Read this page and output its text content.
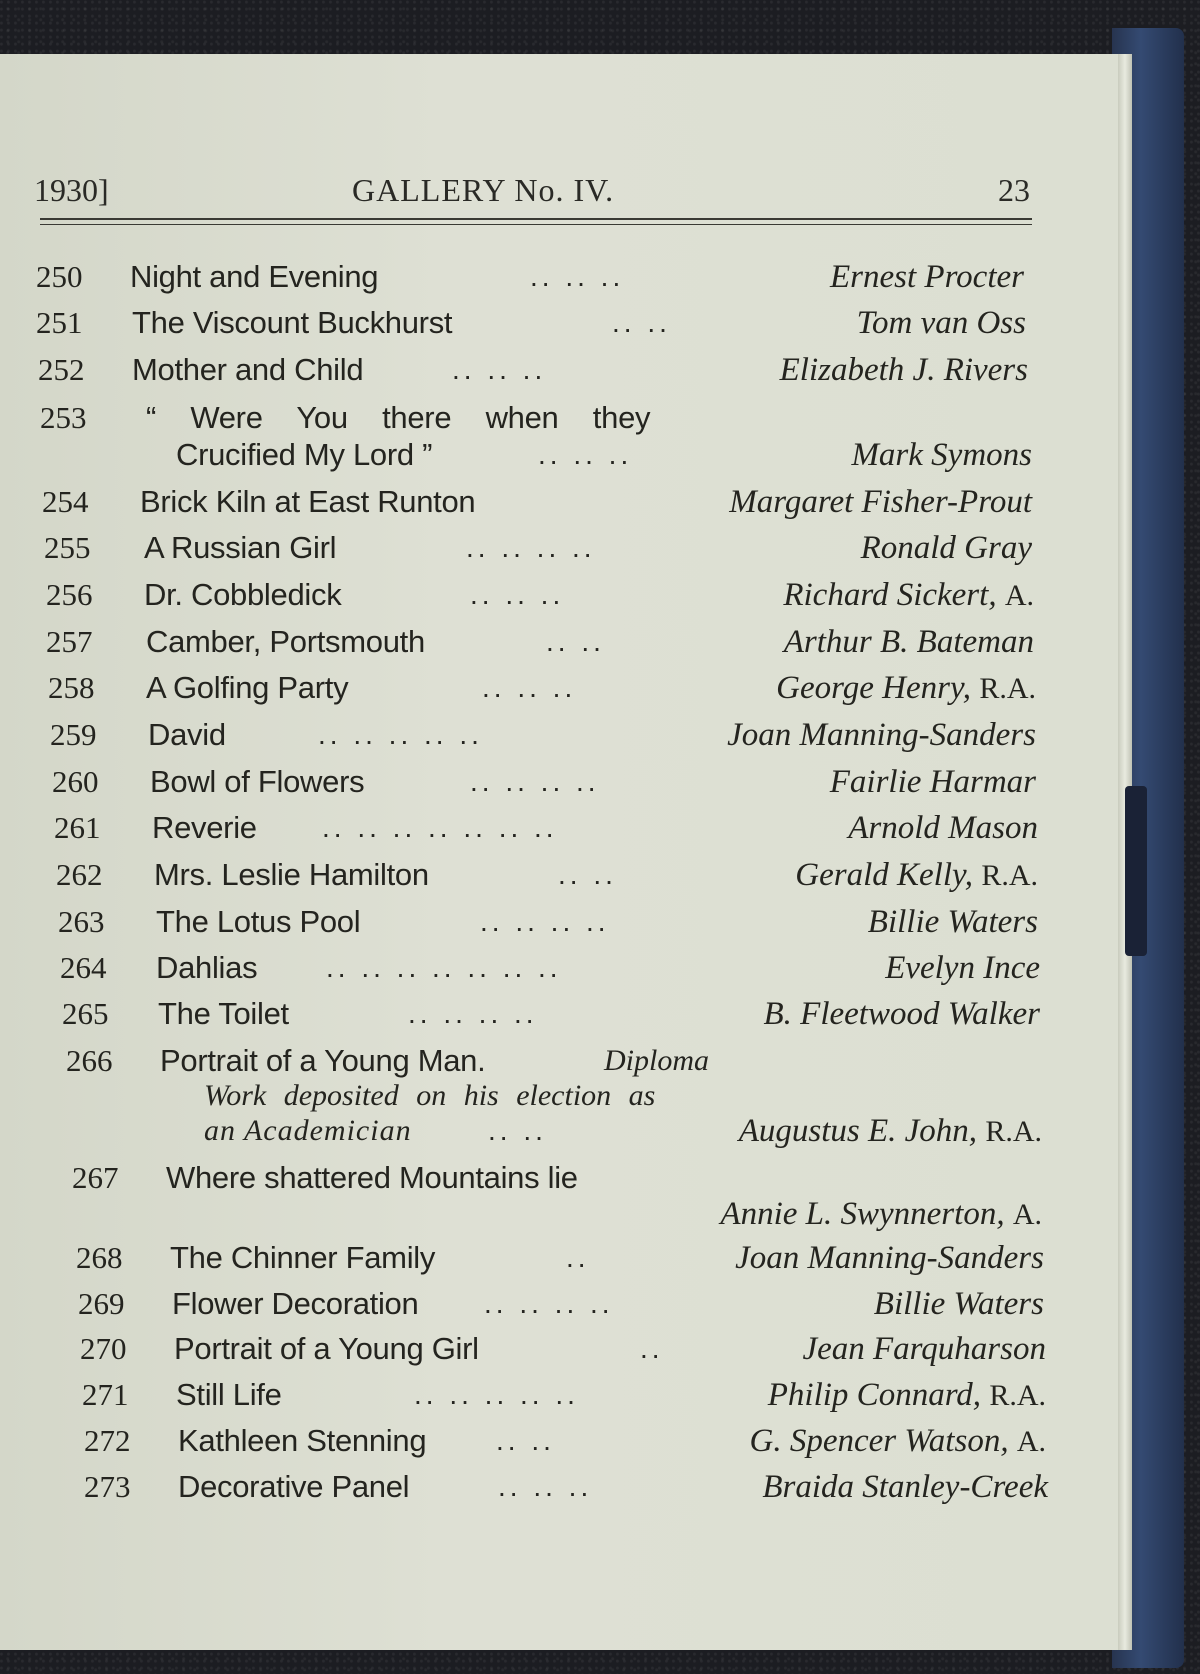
1930]	GALLERY No. IV.	23
250 Night and Evening	.. .. ..	Ernest Procter
251 The Viscount Buckhurst	.. ..	Tom van Oss
252 Mother and Child	.. .. ..	Elizabeth J. Rivers
253 “ Were You there when they
Crucified My Lord ”	.. .. ..	Mark Symons
254 Brick Kiln at East Runton	Margaret Fisher-Prout
255 A Russian Girl	.. .. .. ..	Ronald Gray
256 Dr. Cobbledick	.. .. ..	Richard Sickert, A.
257 Camber, Portsmouth	.. ..	Arthur B. Bateman
258 A Golfing Party	.. .. ..	George Henry, R.A.
259 David	.. .. .. .. ..	Joan Manning-Sanders
260 Bowl of Flowers	.. .. .. ..	Fairlie Harmar
261 Reverie .. .. .. .. .. .. ..	Arnold Mason
262 Mrs. Leslie Hamilton	.. ..	Gerald Kelly, R.A.
263 The Lotus Pool	.. .. .. ..	Billie Waters
264 Dahlias .. .. .. .. .. .. ..	Evelyn Ince
265 The Toilet	.. .. .. ..	B. Fleetwood Walker
266 Portrait of a Young Man.	Diploma
Work deposited on his election as
an Academician	.. ..	Augustus E. John, R.A.
267 Where shattered Mountains lie
Annie L. Swynnerton, A.
268 The Chinner Family	..	Joan Manning-Sanders
269 Flower Decoration .. .. .. ..	Billie Waters
270 Portrait of a Young Girl	..	Jean Farquharson
271 Still Life	.. .. .. .. ..	Philip Connard, R.A.
272 Kathleen Stenning .. ..	G. Spencer Watson, A.
273 Decorative Panel	.. .. ..	Braida Stanley-Creek
